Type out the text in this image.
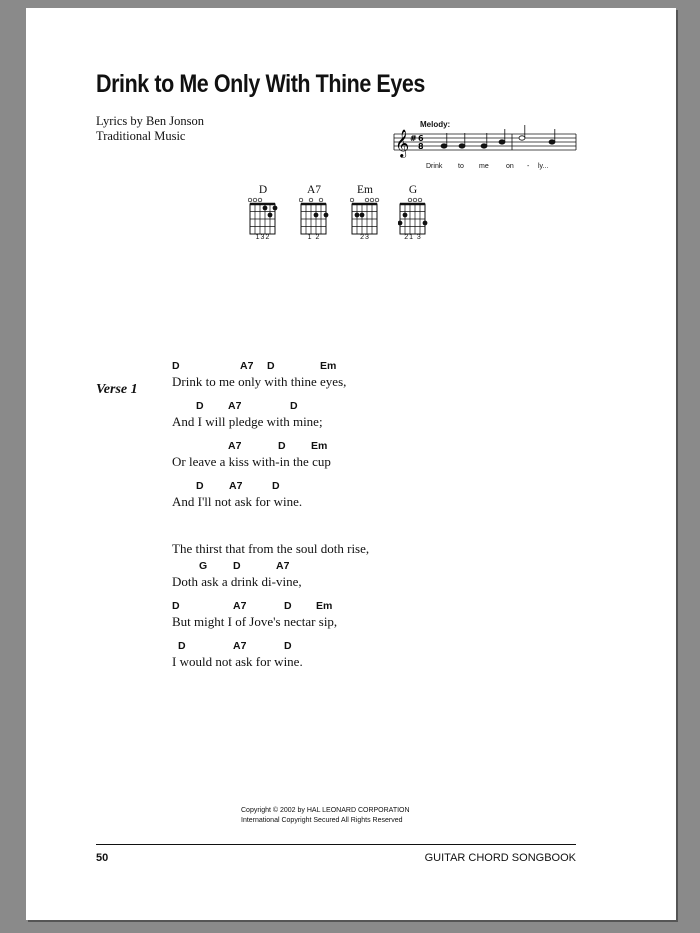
Drink to Me Only With Thine Eyes
Lyrics by Ben Jonson
Traditional Music
Melody:
𝄞 # 6
8
Drink to me on - ly...
D
132
A7
1 2
Em
23
G
21 3
Verse 1
D	A7 D	Em
Drink to me only with thine eyes,
D A7	D
And I will pledge with mine;
A7	D Em
Or leave a kiss with-in the cup
D A7	D
And I'll not ask for wine.
The thirst that from the soul doth rise,
G D	A7
Doth ask a drink di-vine,
D	A7	D Em
But might I of Jove's nectar sip,
D	A7	D
I would not ask for wine.
Copyright © 2002 by HAL LEONARD CORPORATION
International Copyright Secured All Rights Reserved
50	GUITAR CHORD SONGBOOK
